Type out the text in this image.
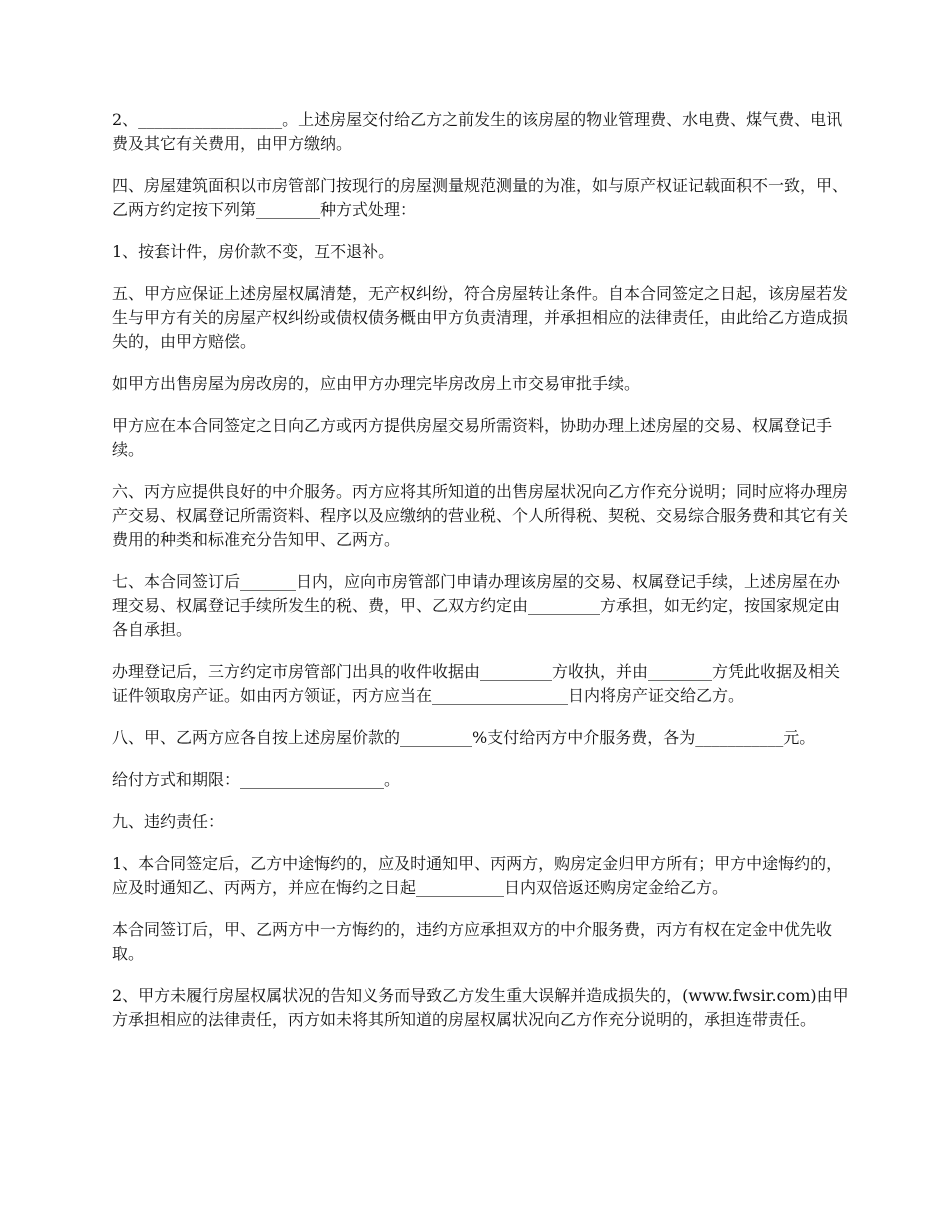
2、__________________。上述房屋交付给乙方之前发生的该房屋的物业管理费、水电费、煤气费、电讯费及其它有关费用，由甲方缴纳。

四、房屋建筑面积以市房管部门按现行的房屋测量规范测量的为准，如与原产权证记载面积不一致，甲、乙两方约定按下列第________种方式处理：

1、按套计件，房价款不变，互不退补。

五、甲方应保证上述房屋权属清楚，无产权纠纷，符合房屋转让条件。自本合同签定之日起，该房屋若发生与甲方有关的房屋产权纠纷或债权债务概由甲方负责清理，并承担相应的法律责任，由此给乙方造成损失的，由甲方赔偿。

如甲方出售房屋为房改房的，应由甲方办理完毕房改房上市交易审批手续。

甲方应在本合同签定之日向乙方或丙方提供房屋交易所需资料，协助办理上述房屋的交易、权属登记手续。

六、丙方应提供良好的中介服务。丙方应将其所知道的出售房屋状况向乙方作充分说明；同时应将办理房产交易、权属登记所需资料、程序以及应缴纳的营业税、个人所得税、契税、交易综合服务费和其它有关费用的种类和标准充分告知甲、乙两方。

七、本合同签订后_______日内，应向市房管部门申请办理该房屋的交易、权属登记手续，上述房屋在办理交易、权属登记手续所发生的税、费，甲、乙双方约定由_________方承担，如无约定，按国家规定由各自承担。

办理登记后，三方约定市房管部门出具的收件收据由_________方收执，并由________方凭此收据及相关证件领取房产证。如由丙方领证，丙方应当在_________________日内将房产证交给乙方。

八、甲、乙两方应各自按上述房屋价款的_________%支付给丙方中介服务费，各为___________元。

给付方式和期限：__________________。

九、违约责任：

1、本合同签定后，乙方中途悔约的，应及时通知甲、丙两方，购房定金归甲方所有；甲方中途悔约的，应及时通知乙、丙两方，并应在悔约之日起___________日内双倍返还购房定金给乙方。

本合同签订后，甲、乙两方中一方悔约的，违约方应承担双方的中介服务费，丙方有权在定金中优先收取。

2、甲方未履行房屋权属状况的告知义务而导致乙方发生重大误解并造成损失的，(www.fwsir.com)由甲方承担相应的法律责任，丙方如未将其所知道的房屋权属状况向乙方作充分说明的，承担连带责任。
